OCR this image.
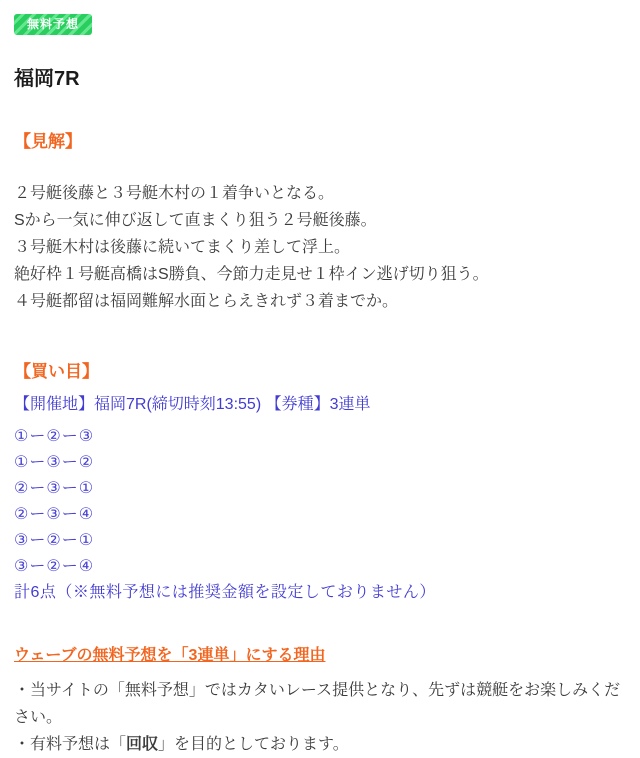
無料予想
福岡7R
【見解】
２号艇後藤と３号艇木村の１着争いとなる。
Sから一気に伸び返して直まくり狙う２号艇後藤。
３号艇木村は後藤に続いてまくり差して浮上。
絶好枠１号艇高橋はS勝負、今節力走見せ１枠イン逃げ切り狙う。
４号艇都留は福岡難解水面とらえきれず３着までか。
【買い目】
【開催地】福岡7R(締切時刻13:55) 【券種】3連単
①ー②ー③
①ー③ー②
②ー③ー①
②ー③ー④
③ー②ー①
③ー②ー④
計6点（※無料予想には推奨金額を設定しておりません）
ウェーブの無料予想を「3連単」にする理由
・当サイトの「無料予想」ではカタいレース提供となり、先ずは競艇をお楽しみください。
・有料予想は「回収」を目的としております。
